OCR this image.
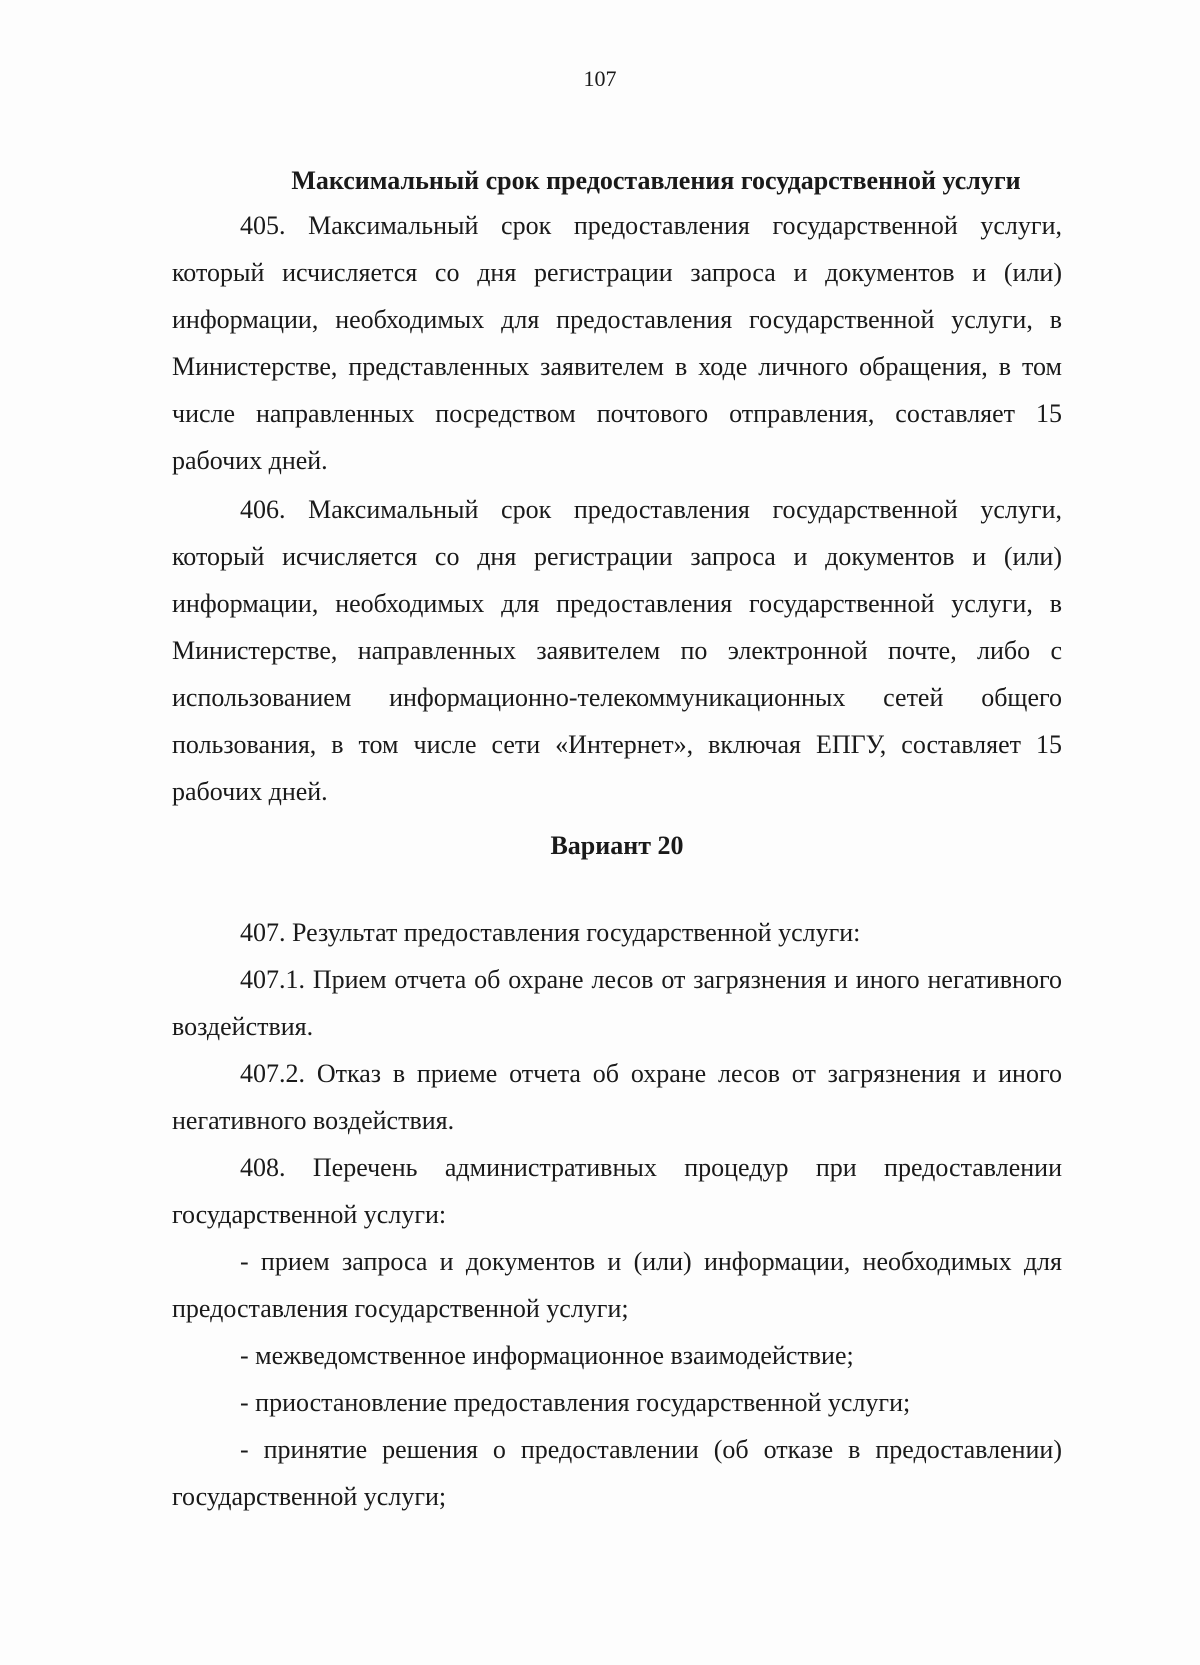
107

Максимальный срок предоставления государственной услуги

405. Максимальный срок предоставления государственной услуги, который исчисляется со дня регистрации запроса и документов и (или) информации, необходимых для предоставления государственной услуги, в Министерстве, представленных заявителем в ходе личного обращения, в том числе направленных посредством почтового отправления, составляет 15 рабочих дней.

406. Максимальный срок предоставления государственной услуги, который исчисляется со дня регистрации запроса и документов и (или) информации, необходимых для предоставления государственной услуги, в Министерстве, направленных заявителем по электронной почте, либо с использованием информационно-телекоммуникационных сетей общего пользования, в том числе сети «Интернет», включая ЕПГУ, составляет 15 рабочих дней.

Вариант 20

407. Результат предоставления государственной услуги:

407.1. Прием отчета об охране лесов от загрязнения и иного негативного воздействия.

407.2. Отказ в приеме отчета об охране лесов от загрязнения и иного негативного воздействия.

408. Перечень административных процедур при предоставлении государственной услуги:

- прием запроса и документов и (или) информации, необходимых для предоставления государственной услуги;

- межведомственное информационное взаимодействие;

- приостановление предоставления государственной услуги;

- принятие решения о предоставлении (об отказе в предоставлении) государственной услуги;
